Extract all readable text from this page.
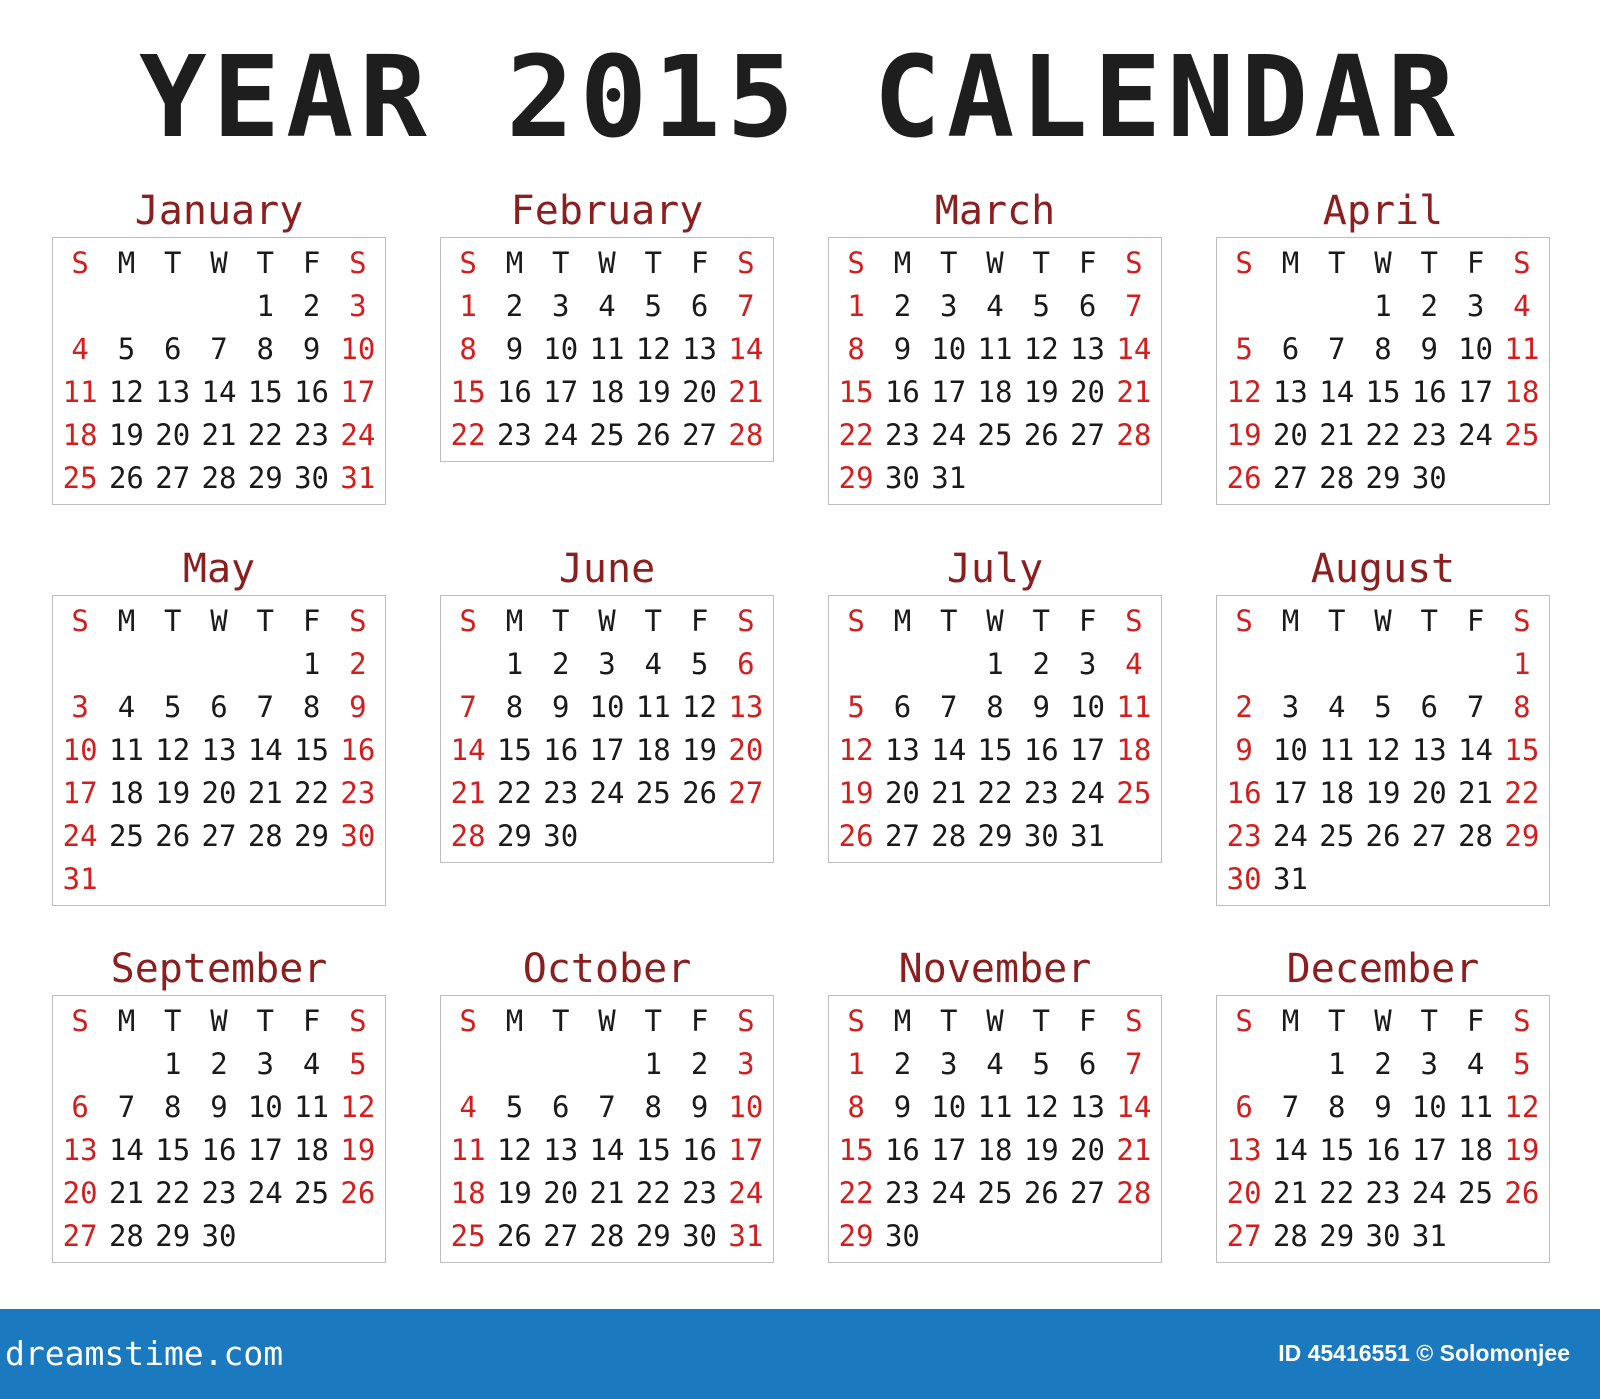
YEAR 2015 CALENDAR
January
S M T W T F S
1 2 3
4 5 6 7 8 9 10
11 12 13 14 15 16 17
18 19 20 21 22 23 24
25 26 27 28 29 30 31
February
S M T W T F S
1 2 3 4 5 6 7
8 9 10 11 12 13 14
15 16 17 18 19 20 21
22 23 24 25 26 27 28
March
S M T W T F S
1 2 3 4 5 6 7
8 9 10 11 12 13 14
15 16 17 18 19 20 21
22 23 24 25 26 27 28
29 30 31
April
S M T W T F S
1 2 3 4
5 6 7 8 9 10 11
12 13 14 15 16 17 18
19 20 21 22 23 24 25
26 27 28 29 30
May
S M T W T F S
1 2
3 4 5 6 7 8 9
10 11 12 13 14 15 16
17 18 19 20 21 22 23
24 25 26 27 28 29 30
31
June
S M T W T F S
1 2 3 4 5 6
7 8 9 10 11 12 13
14 15 16 17 18 19 20
21 22 23 24 25 26 27
28 29 30
July
S M T W T F S
1 2 3 4
5 6 7 8 9 10 11
12 13 14 15 16 17 18
19 20 21 22 23 24 25
26 27 28 29 30 31
August
S M T W T F S
1
2 3 4 5 6 7 8
9 10 11 12 13 14 15
16 17 18 19 20 21 22
23 24 25 26 27 28 29
30 31
September
S M T W T F S
1 2 3 4 5
6 7 8 9 10 11 12
13 14 15 16 17 18 19
20 21 22 23 24 25 26
27 28 29 30
October
S M T W T F S
1 2 3
4 5 6 7 8 9 10
11 12 13 14 15 16 17
18 19 20 21 22 23 24
25 26 27 28 29 30 31
November
S M T W T F S
1 2 3 4 5 6 7
8 9 10 11 12 13 14
15 16 17 18 19 20 21
22 23 24 25 26 27 28
29 30
December
S M T W T F S
1 2 3 4 5
6 7 8 9 10 11 12
13 14 15 16 17 18 19
20 21 22 23 24 25 26
27 28 29 30 31
dreamstime.com	ID 45416551 © Solomonjee
